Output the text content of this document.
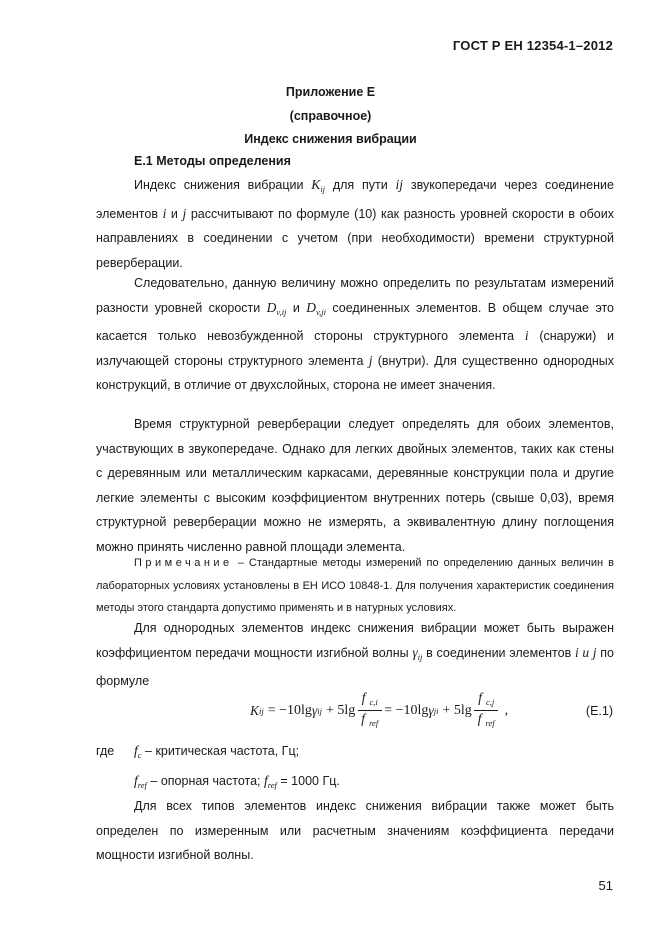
ГОСТ Р ЕН 12354-1–2012
Приложение Е
(справочное)
Индекс снижения вибрации
Е.1 Методы определения

Индекс снижения вибрации $K_{ij}$ для пути ij звукопередачи через соединение элементов i и j рассчитывают по формуле (10) как разность уровней скорости в обоих направлениях в соединении с учетом (при необходимости) времени структурной реверберации.

Следовательно, данную величину можно определить по результатам измерений разности уровней скорости $D_{v,ij}$ и $D_{v,ji}$ соединенных элементов. В общем случае это касается только невозбужденной стороны структурного элемента i (снаружи) и излучающей стороны структурного элемента j (внутри). Для существенно однородных конструкций, в отличие от двухслойных, сторона не имеет значения.

Время структурной реверберации следует определять для обоих элементов, участвующих в звукопередаче. Однако для легких двойных элементов, таких как стены с деревянным или металлическим каркасами, деревянные конструкции пола и другие легкие элементы с высоким коэффициентом внутренних потерь (свыше 0,03), время структурной реверберации можно не измерять, а эквивалентную длину поглощения можно принять численно равной площади элемента.

Примечание – Стандартные методы измерений по определению данных величин в лабораторных условиях установлены в ЕН ИСО 10848-1. Для получения характеристик соединения методы этого стандарта допустимо применять и в натурных условиях.

Для однородных элементов индекс снижения вибрации может быть выражен коэффициентом передачи мощности изгибной волны $\gamma_{ij}$ в соединении элементов i и j по формуле

K ij = −10lg γ ij + $5\lg \frac{f _{c,i}}{f _{ref}} = -10\lg$ γ ji + $5\lg \frac{f _{c,j}}{f _{ref}}$ ,	(Е.1)
где	$f_c$ – критическая частота, Гц;
$f_{ref}$ – опорная частота; $f_{ref} = 1000$ Гц.

Для всех типов элементов индекс снижения вибрации также может быть определен по измеренным или расчетным значениям коэффициента передачи мощности изгибной волны.

51
